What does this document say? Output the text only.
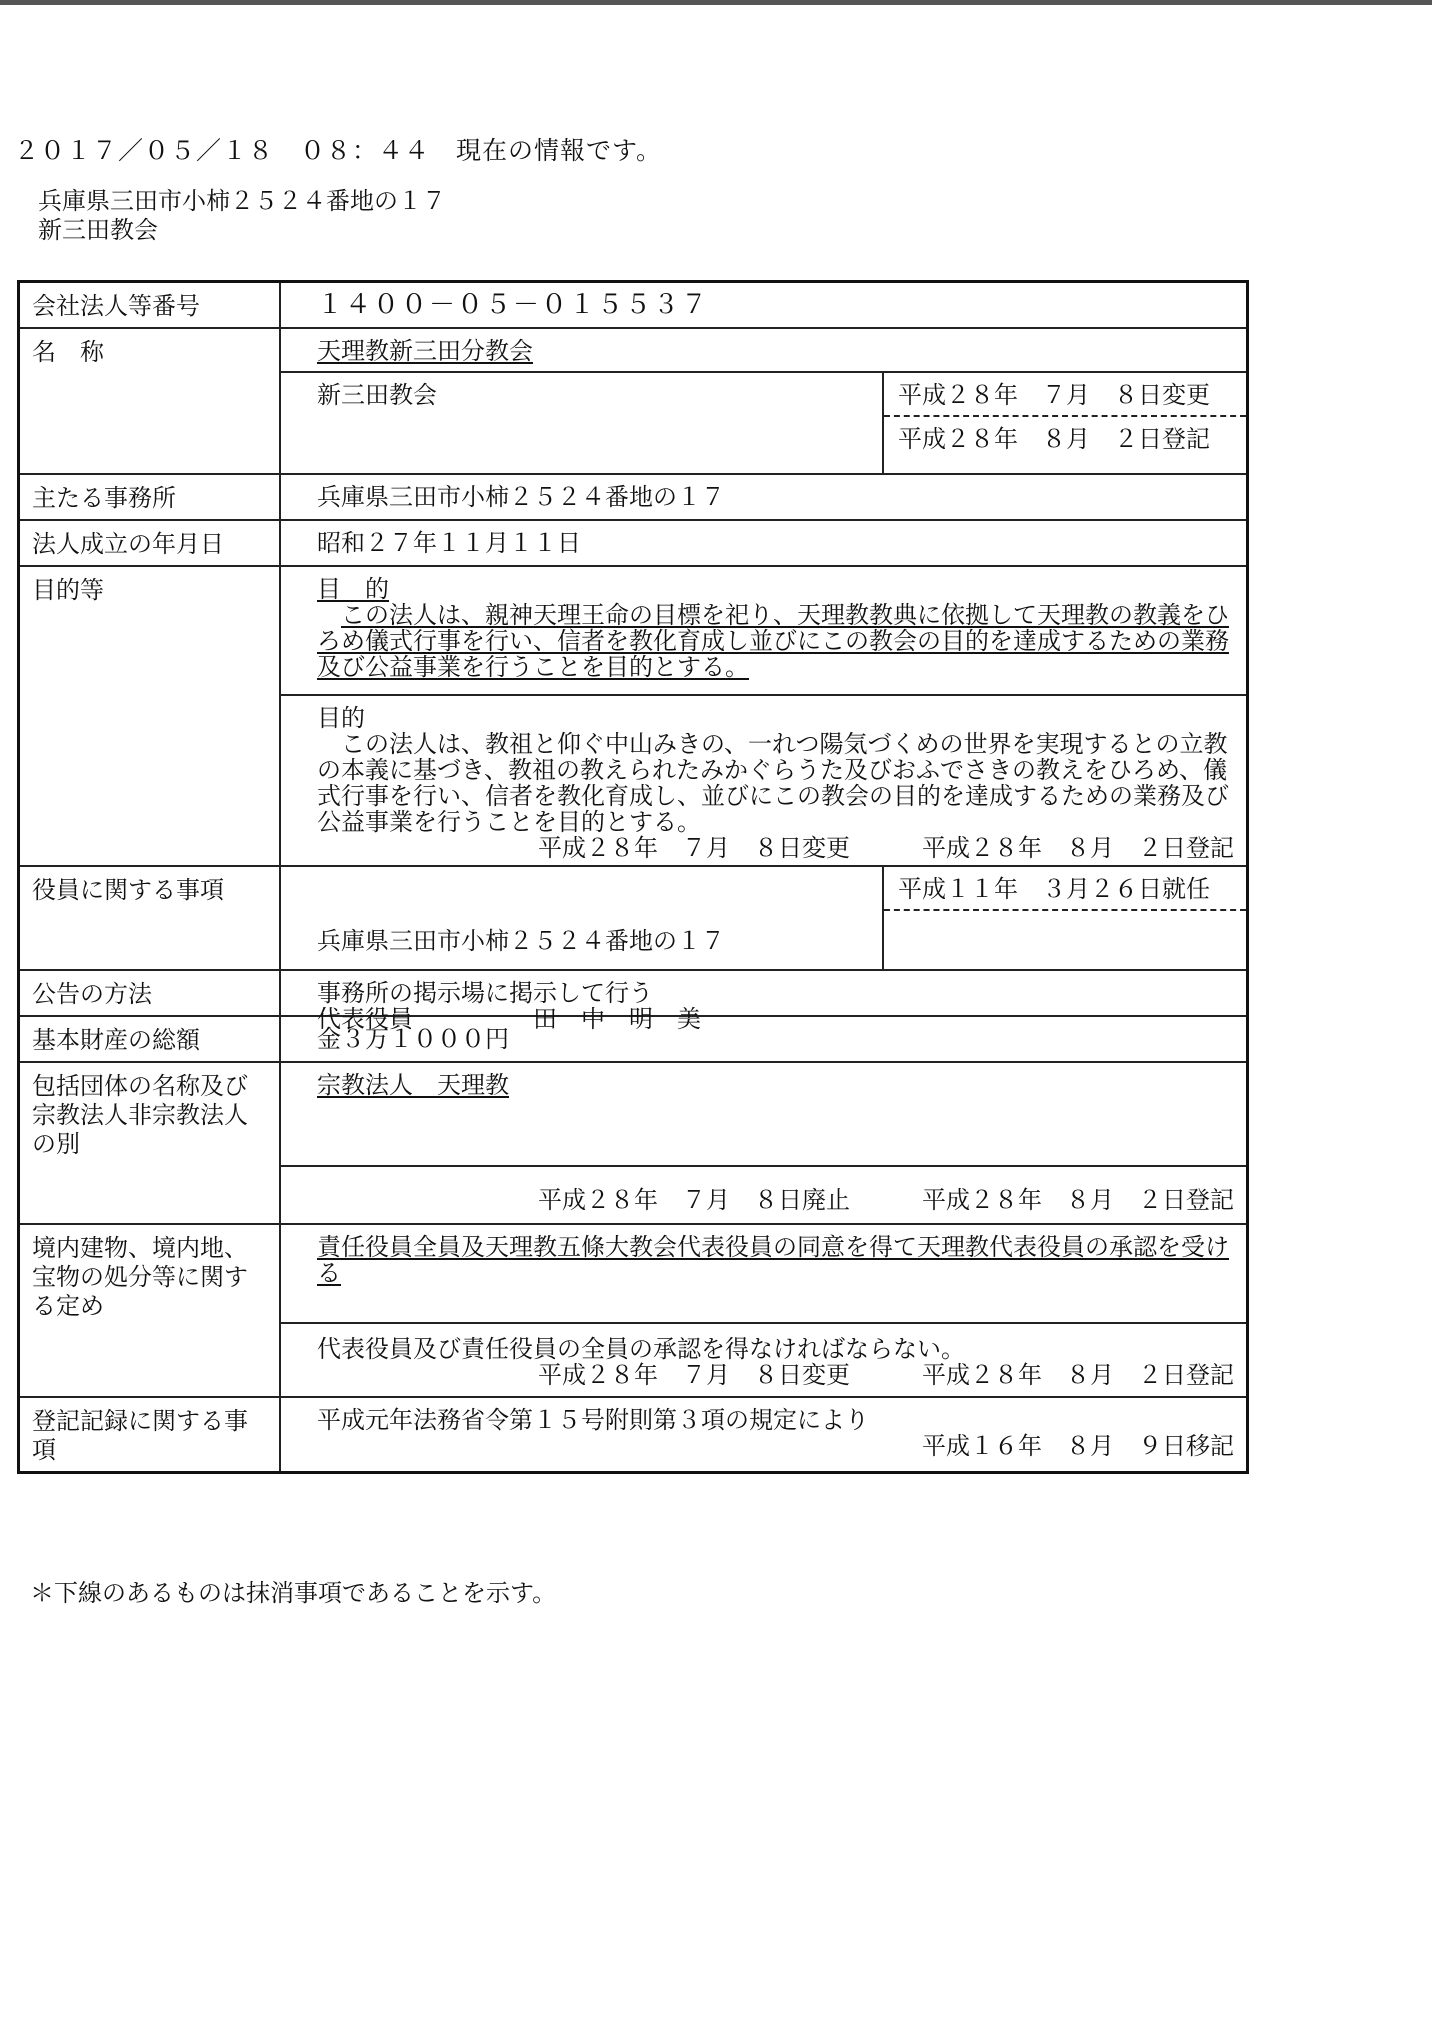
２０１７／０５／１８　０８：４４　現在の情報です。
兵庫県三田市小柿２５２４番地の１７
新三田教会
会社法人等番号	１４００－０５－０１５５３７

名　称	天理教新三田分教会
新三田教会 平成２８年　７月　８日変更
平成２８年　８月　２日登記

主たる事務所	兵庫県三田市小柿２５２４番地の１７

法人成立の年月日	昭和２７年１１月１１日

目的等	目　的
この法人は、親神天理王命の目標を祀り、天理教教典に依拠して天理教の教義をひろめ儀式行事を行い、信者を教化育成し並びにこの教会の目的を達成するための業務及び公益事業を行うことを目的とする。
目的
この法人は、教祖と仰ぐ中山みきの、一れつ陽気づくめの世界を実現するとの立教の本義に基づき、教祖の教えられたみかぐらうた及びおふでさきの教えをひろめ、儀式行事を行い、信者を教化育成し、並びにこの教会の目的を達成するための業務及び公益事業を行うことを目的とする。
平成２８年　７月　８日変更　　　平成２８年　８月　２日登記

役員に関する事項	兵庫県三田市小柿２５２４番地の１７

代表役員　　　　　田　中　明　美

平成１１年　３月２６日就任

公告の方法	事務所の掲示場に掲示して行う

基本財産の総額	金３万１０００円

包括団体の名称及び宗教法人非宗教法人の別	宗教法人　天理教
平成２８年　７月　８日廃止　　　平成２８年　８月　２日登記

境内建物、境内地、宝物の処分等に関する定め	責任役員全員及天理教五條大教会代表役員の同意を得て天理教代表役員の承認を受ける
代表役員及び責任役員の全員の承認を得なければならない。
平成２８年　７月　８日変更　　　平成２８年　８月　２日登記

登記記録に関する事項	平成元年法務省令第１５号附則第３項の規定により
平成１６年　８月　９日移記
＊下線のあるものは抹消事項であることを示す。
